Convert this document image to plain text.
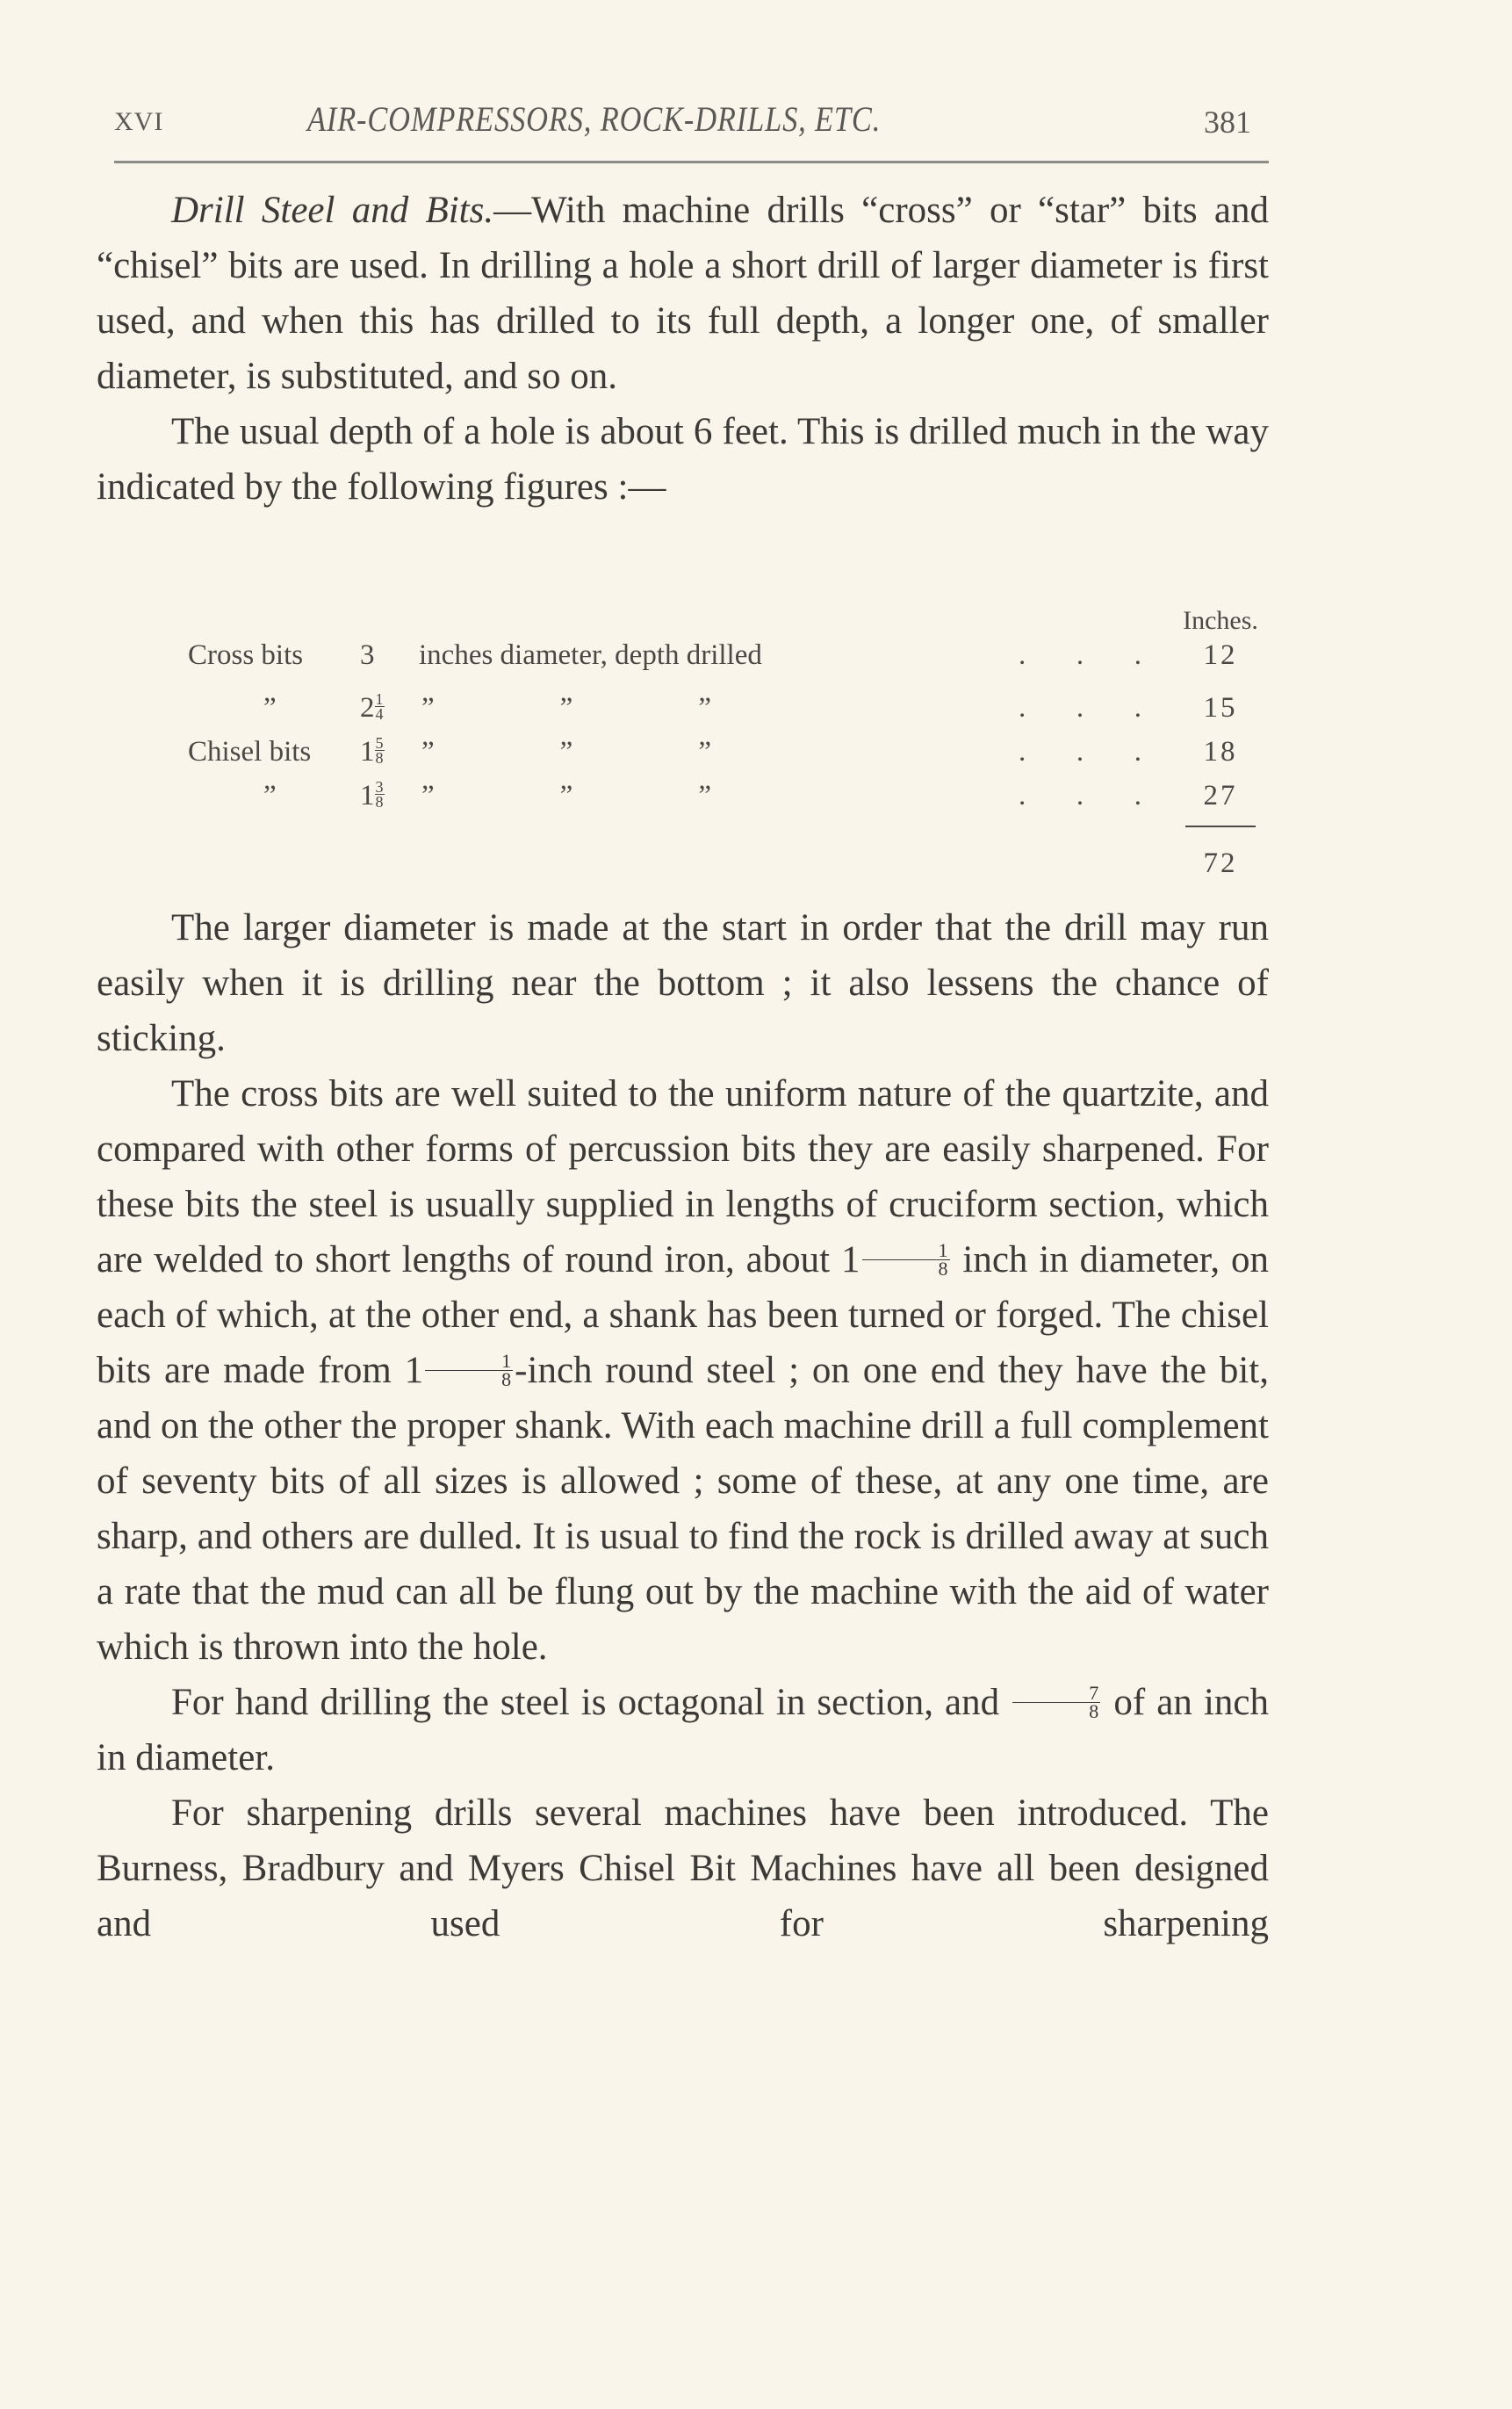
XVI	AIR-COMPRESSORS, ROCK-DRILLS, ETC.	381

Drill Steel and Bits.—With machine drills “cross” or “star” bits and “chisel” bits are used. In drilling a hole a short drill of larger diameter is first used, and when this has drilled to its full depth, a longer one, of smaller diameter, is substituted, and so on.

The usual depth of a hole is about 6 feet. This is drilled much in the way indicated by the following figures :—

Inches.
Cross bits	3 inches diameter, depth drilled	. . .	12
”	$2 \frac{1}{4}$ ”	”	”	. . .	15
Chisel bits	$1 \frac{5}{8}$ ”	”	”	. . .	18
”	$1 \frac{3}{8}$ ”	”	”	. . .	27
72

The larger diameter is made at the start in order that the drill may run easily when it is drilling near the bottom ; it also lessens the chance of sticking.

The cross bits are well suited to the uniform nature of the quartzite, and compared with other forms of percussion bits they are easily sharpened. For these bits the steel is usually supplied in lengths of cruciform section, which are welded to short lengths of round iron, about $1 \frac{1}{8}$ inch in diameter, on each of which, at the other end, a shank has been turned or forged. The chisel bits are made from $1 \frac{1}{8}$ -inch round steel ; on one end they have the bit, and on the other the proper shank. With each machine drill a full complement of seventy bits of all sizes is allowed ; some of these, at any one time, are sharp, and others are dulled. It is usual to find the rock is drilled away at such a rate that the mud can all be flung out by the machine with the aid of water which is thrown into the hole.

For hand drilling the steel is octagonal in section, and $\frac{7}{8}$ of an inch in diameter.

For sharpening drills several machines have been introduced. The Burness, Bradbury and Myers Chisel Bit Machines have all been designed and used for sharpening
